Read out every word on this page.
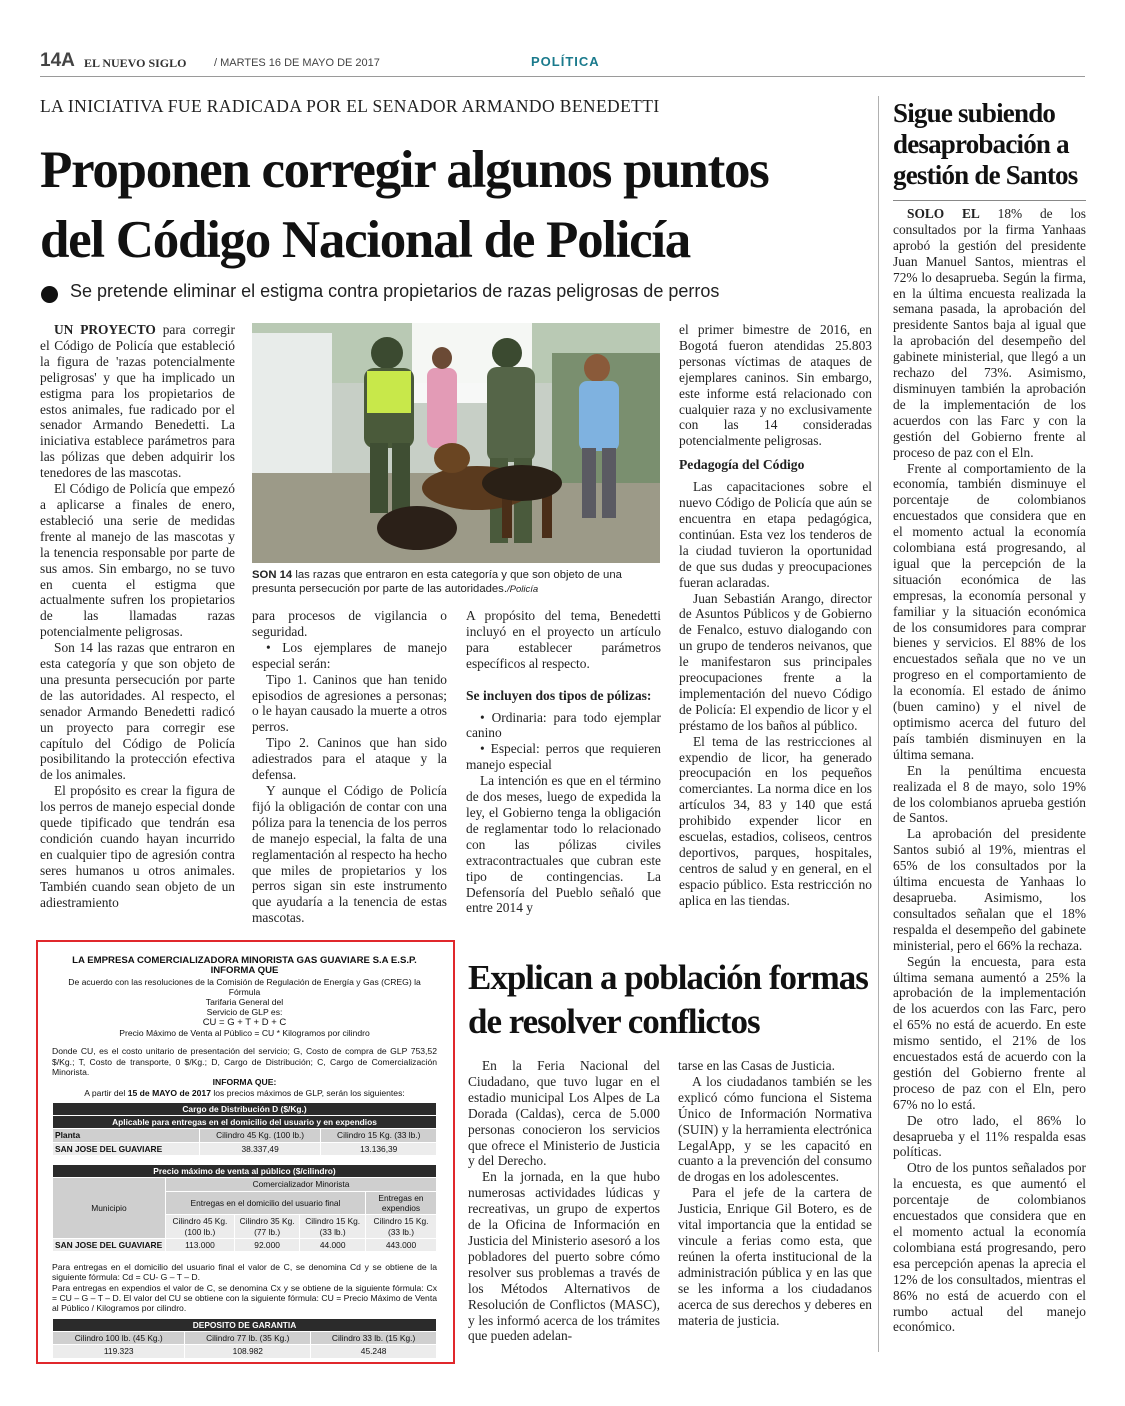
14A EL NUEVO SIGLO	/ MARTES 16 DE MAYO DE 2017	POLÍTICA
LA INICIATIVA FUE RADICADA POR EL SENADOR ARMANDO BENEDETTI
Proponen corregir algunos puntos
del Código Nacional de Policía
Se pretende eliminar el estigma contra propietarios de razas peligrosas de perros

UN PROYECTO para corregir el Código de Policía que estableció la figura de 'razas potencialmente peligrosas' y que ha implicado un estigma para los propietarios de estos animales, fue radicado por el senador Armando Benedetti. La iniciativa establece parámetros para las pólizas que deben adquirir los tenedores de las mascotas.

El Código de Policía que empezó a aplicarse a finales de enero, estableció una serie de medidas frente al manejo de las mascotas y la tenencia responsable por parte de sus amos. Sin embargo, no se tuvo en cuenta el estigma que actualmente sufren los propietarios de las llamadas razas potencialmente peligrosas.

Son 14 las razas que entraron en esta categoría y que son objeto de una presunta persecución por parte de las autoridades. Al respecto, el senador Armando Benedetti radicó un proyecto para corregir ese capítulo del Código de Policía posibilitando la protección efectiva de los animales.

El propósito es crear la figura de los perros de manejo especial donde quede tipificado que tendrán esa condición cuando hayan incurrido en cualquier tipo de agresión contra seres humanos u otros animales. También cuando sean objeto de un adiestramiento

SON 14 las razas que entraron en esta categoría y que son objeto de una presunta persecución por parte de las autoridades./Policía

para procesos de vigilancia o seguridad.

• Los ejemplares de manejo especial serán:

Tipo 1. Caninos que han tenido episodios de agresiones a personas; o le hayan causado la muerte a otros perros.

Tipo 2. Caninos que han sido adiestrados para el ataque y la defensa.

Y aunque el Código de Policía fijó la obligación de contar con una póliza para la tenencia de los perros de manejo especial, la falta de una reglamentación al respecto ha hecho que miles de propietarios y los perros sigan sin este instrumento que ayudaría a la tenencia de estas mascotas.

A propósito del tema, Benedetti incluyó en el proyecto un artículo para establecer parámetros específicos al respecto.

Se incluyen dos tipos de pólizas:

• Ordinaria: para todo ejemplar canino

• Especial: perros que requieren manejo especial

La intención es que en el término de dos meses, luego de expedida la ley, el Gobierno tenga la obligación de reglamentar todo lo relacionado con las pólizas civiles extracontractuales que cubran este tipo de contingencias. La Defensoría del Pueblo señaló que entre 2014 y

el primer bimestre de 2016, en Bogotá fueron atendidas 25.803 personas víctimas de ataques de ejemplares caninos. Sin embargo, este informe está relacionado con cualquier raza y no exclusivamente con las 14 consideradas potencialmente peligrosas.

Pedagogía del Código

Las capacitaciones sobre el nuevo Código de Policía que aún se encuentra en etapa pedagógica, continúan. Esta vez los tenderos de la ciudad tuvieron la oportunidad de que sus dudas y preocupaciones fueran aclaradas.

Juan Sebastián Arango, director de Asuntos Públicos y de Gobierno de Fenalco, estuvo dialogando con un grupo de tenderos neivanos, que le manifestaron sus principales preocupaciones frente a la implementación del nuevo Código de Policía: El expendio de licor y el préstamo de los baños al público.

El tema de las restricciones al expendio de licor, ha generado preocupación en los pequeños comerciantes. La norma dice en los artículos 34, 83 y 140 que está prohibido expender licor en escuelas, estadios, coliseos, centros deportivos, parques, hospitales, centros de salud y en general, en el espacio público. Esta restricción no aplica en las tiendas.

Sigue subiendo desaprobación a gestión de Santos

SOLO EL 18% de los consultados por la firma Yanhaas aprobó la gestión del presidente Juan Manuel Santos, mientras el 72% lo desaprueba. Según la firma, en la última encuesta realizada la semana pasada, la aprobación del presidente Santos baja al igual que la aprobación del desempeño del gabinete ministerial, que llegó a un rechazo del 73%. Asimismo, disminuyen también la aprobación de la implementación de los acuerdos con las Farc y con la gestión del Gobierno frente al proceso de paz con el Eln.

Frente al comportamiento de la economía, también disminuye el porcentaje de colombianos encuestados que considera que en el momento actual la economía colombiana está progresando, al igual que la percepción de la situación económica de las empresas, la economía personal y familiar y la situación económica de los consumidores para comprar bienes y servicios. El 88% de los encuestados señala que no ve un progreso en el comportamiento de la economía. El estado de ánimo (buen camino) y el nivel de optimismo acerca del futuro del país también disminuyen en la última semana.

En la penúltima encuesta realizada el 8 de mayo, solo 19% de los colombianos aprueba gestión de Santos.

La aprobación del presidente Santos subió al 19%, mientras el 65% de los consultados por la última encuesta de Yanhaas lo desaprueba. Asimismo, los consultados señalan que el 18% respalda el desempeño del gabinete ministerial, pero el 66% la rechaza.

Según la encuesta, para esta última semana aumentó a 25% la aprobación de la implementación de los acuerdos con las Farc, pero el 65% no está de acuerdo. En este mismo sentido, el 21% de los encuestados está de acuerdo con la gestión del Gobierno frente al proceso de paz con el Eln, pero 67% no lo está.

De otro lado, el 86% lo desaprueba y el 11% respalda esas políticas.

Otro de los puntos señalados por la encuesta, es que aumentó el porcentaje de colombianos encuestados que considera que en el momento actual la economía colombiana está progresando, pero esa percepción apenas la aprecia el 12% de los consultados, mientras el 86% no está de acuerdo con el rumbo actual del manejo económico.

LA EMPRESA COMERCIALIZADORA MINORISTA GAS GUAVIARE S.A E.S.P.
INFORMA QUE
De acuerdo con las resoluciones de la Comisión de Regulación de Energía y Gas (CREG) la Fórmula
Tarifaria General del
Servicio de GLP es:
CU = G + T + D + C
Precio Máximo de Venta al Público = CU * Kilogramos por cilindro
Donde CU, es el costo unitario de presentación del servicio; G, Costo de compra de GLP 753,52 $/Kg.; T, Costo de transporte, 0 $/Kg.; D, Cargo de Distribución; C, Cargo de Comercialización Minorista.
INFORMA QUE:
A partir del 15 de MAYO de 2017 los precios máximos de GLP, serán los siguientes:
Cargo de Distribución D ($/Kg.)		
Aplicable para entregas en el domicilio del usuario y en expendios		
Planta	Cilindro 45 Kg. (100 lb.)	Cilindro 15 Kg. (33 lb.)
SAN JOSE DEL GUAVIARE	38.337,49	13.136,39
Precio máximo de venta al público ($/cilindro)				
Municipio	Comercializador Minorista			
	Entregas en el domicilio del usuario final			Entregas en expendios
	Cilindro 45 Kg. (100 lb.)	Cilindro 35 Kg. (77 lb.)	Cilindro 15 Kg. (33 lb.)	Cilindro 15 Kg. (33 lb.)
SAN JOSE DEL GUAVIARE	113.000	92.000	44.000	443.000
Para entregas en el domicilio del usuario final el valor de C, se denomina Cd y se obtiene de la siguiente fórmula: Cd = CU- G – T – D.
Para entregas en expendios el valor de C, se denomina Cx y se obtiene de la siguiente fórmula: Cx = CU – G – T – D. El valor del CU se obtiene con la siguiente fórmula: CU = Precio Máximo de Venta al Público / Kilogramos por cilindro.
DEPOSITO DE GARANTIA		
Cilindro 100 lb. (45 Kg.)	Cilindro 77 lb. (35 Kg.)	Cilindro 33 lb. (15 Kg.)
119.323	108.982	45.248
Explican a población formas
de resolver conflictos

En la Feria Nacional del Ciudadano, que tuvo lugar en el estadio municipal Los Alpes de La Dorada (Caldas), cerca de 5.000 personas conocieron los servicios que ofrece el Ministerio de Justicia y del Derecho.

En la jornada, en la que hubo numerosas actividades lúdicas y recreativas, un grupo de expertos de la Oficina de Información en Justicia del Ministerio asesoró a los pobladores del puerto sobre cómo resolver sus problemas a través de los Métodos Alternativos de Resolución de Conflictos (MASC), y les informó acerca de los trámites que pueden adelan-

tarse en las Casas de Justicia.

A los ciudadanos también se les explicó cómo funciona el Sistema Único de Información Normativa (SUIN) y la herramienta electrónica LegalApp, y se les capacitó en cuanto a la prevención del consumo de drogas en los adolescentes.

Para el jefe de la cartera de Justicia, Enrique Gil Botero, es de vital importancia que la entidad se vincule a ferias como esta, que reúnen la oferta institucional de la administración pública y en las que se les informa a los ciudadanos acerca de sus derechos y deberes en materia de justicia.
